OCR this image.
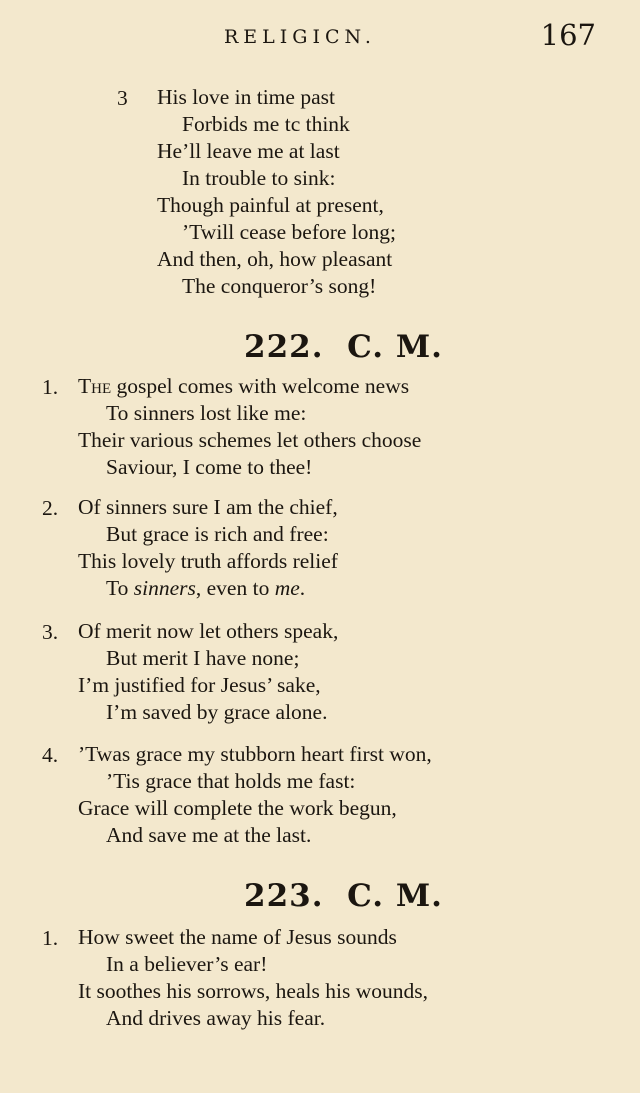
RELIGICN.	167
3 His love in time past
Forbids me tc think
He’ll leave me at last
In trouble to sink:
Though painful at present,
’Twill cease before long;
And then, oh, how pleasant
The conqueror’s song!
222. C. M.
1. The gospel comes with welcome news
To sinners lost like me:
Their various schemes let others choose
Saviour, I come to thee!
2. Of sinners sure I am the chief,
But grace is rich and free:
This lovely truth affords relief
To sinners, even to me.
3. Of merit now let others speak,
But merit I have none;
I’m justified for Jesus’ sake,
I’m saved by grace alone.
4. ’Twas grace my stubborn heart first won,
’Tis grace that holds me fast:
Grace will complete the work begun,
And save me at the last.
223. C. M.
1. How sweet the name of Jesus sounds
In a believer’s ear!
It soothes his sorrows, heals his wounds,
And drives away his fear.
